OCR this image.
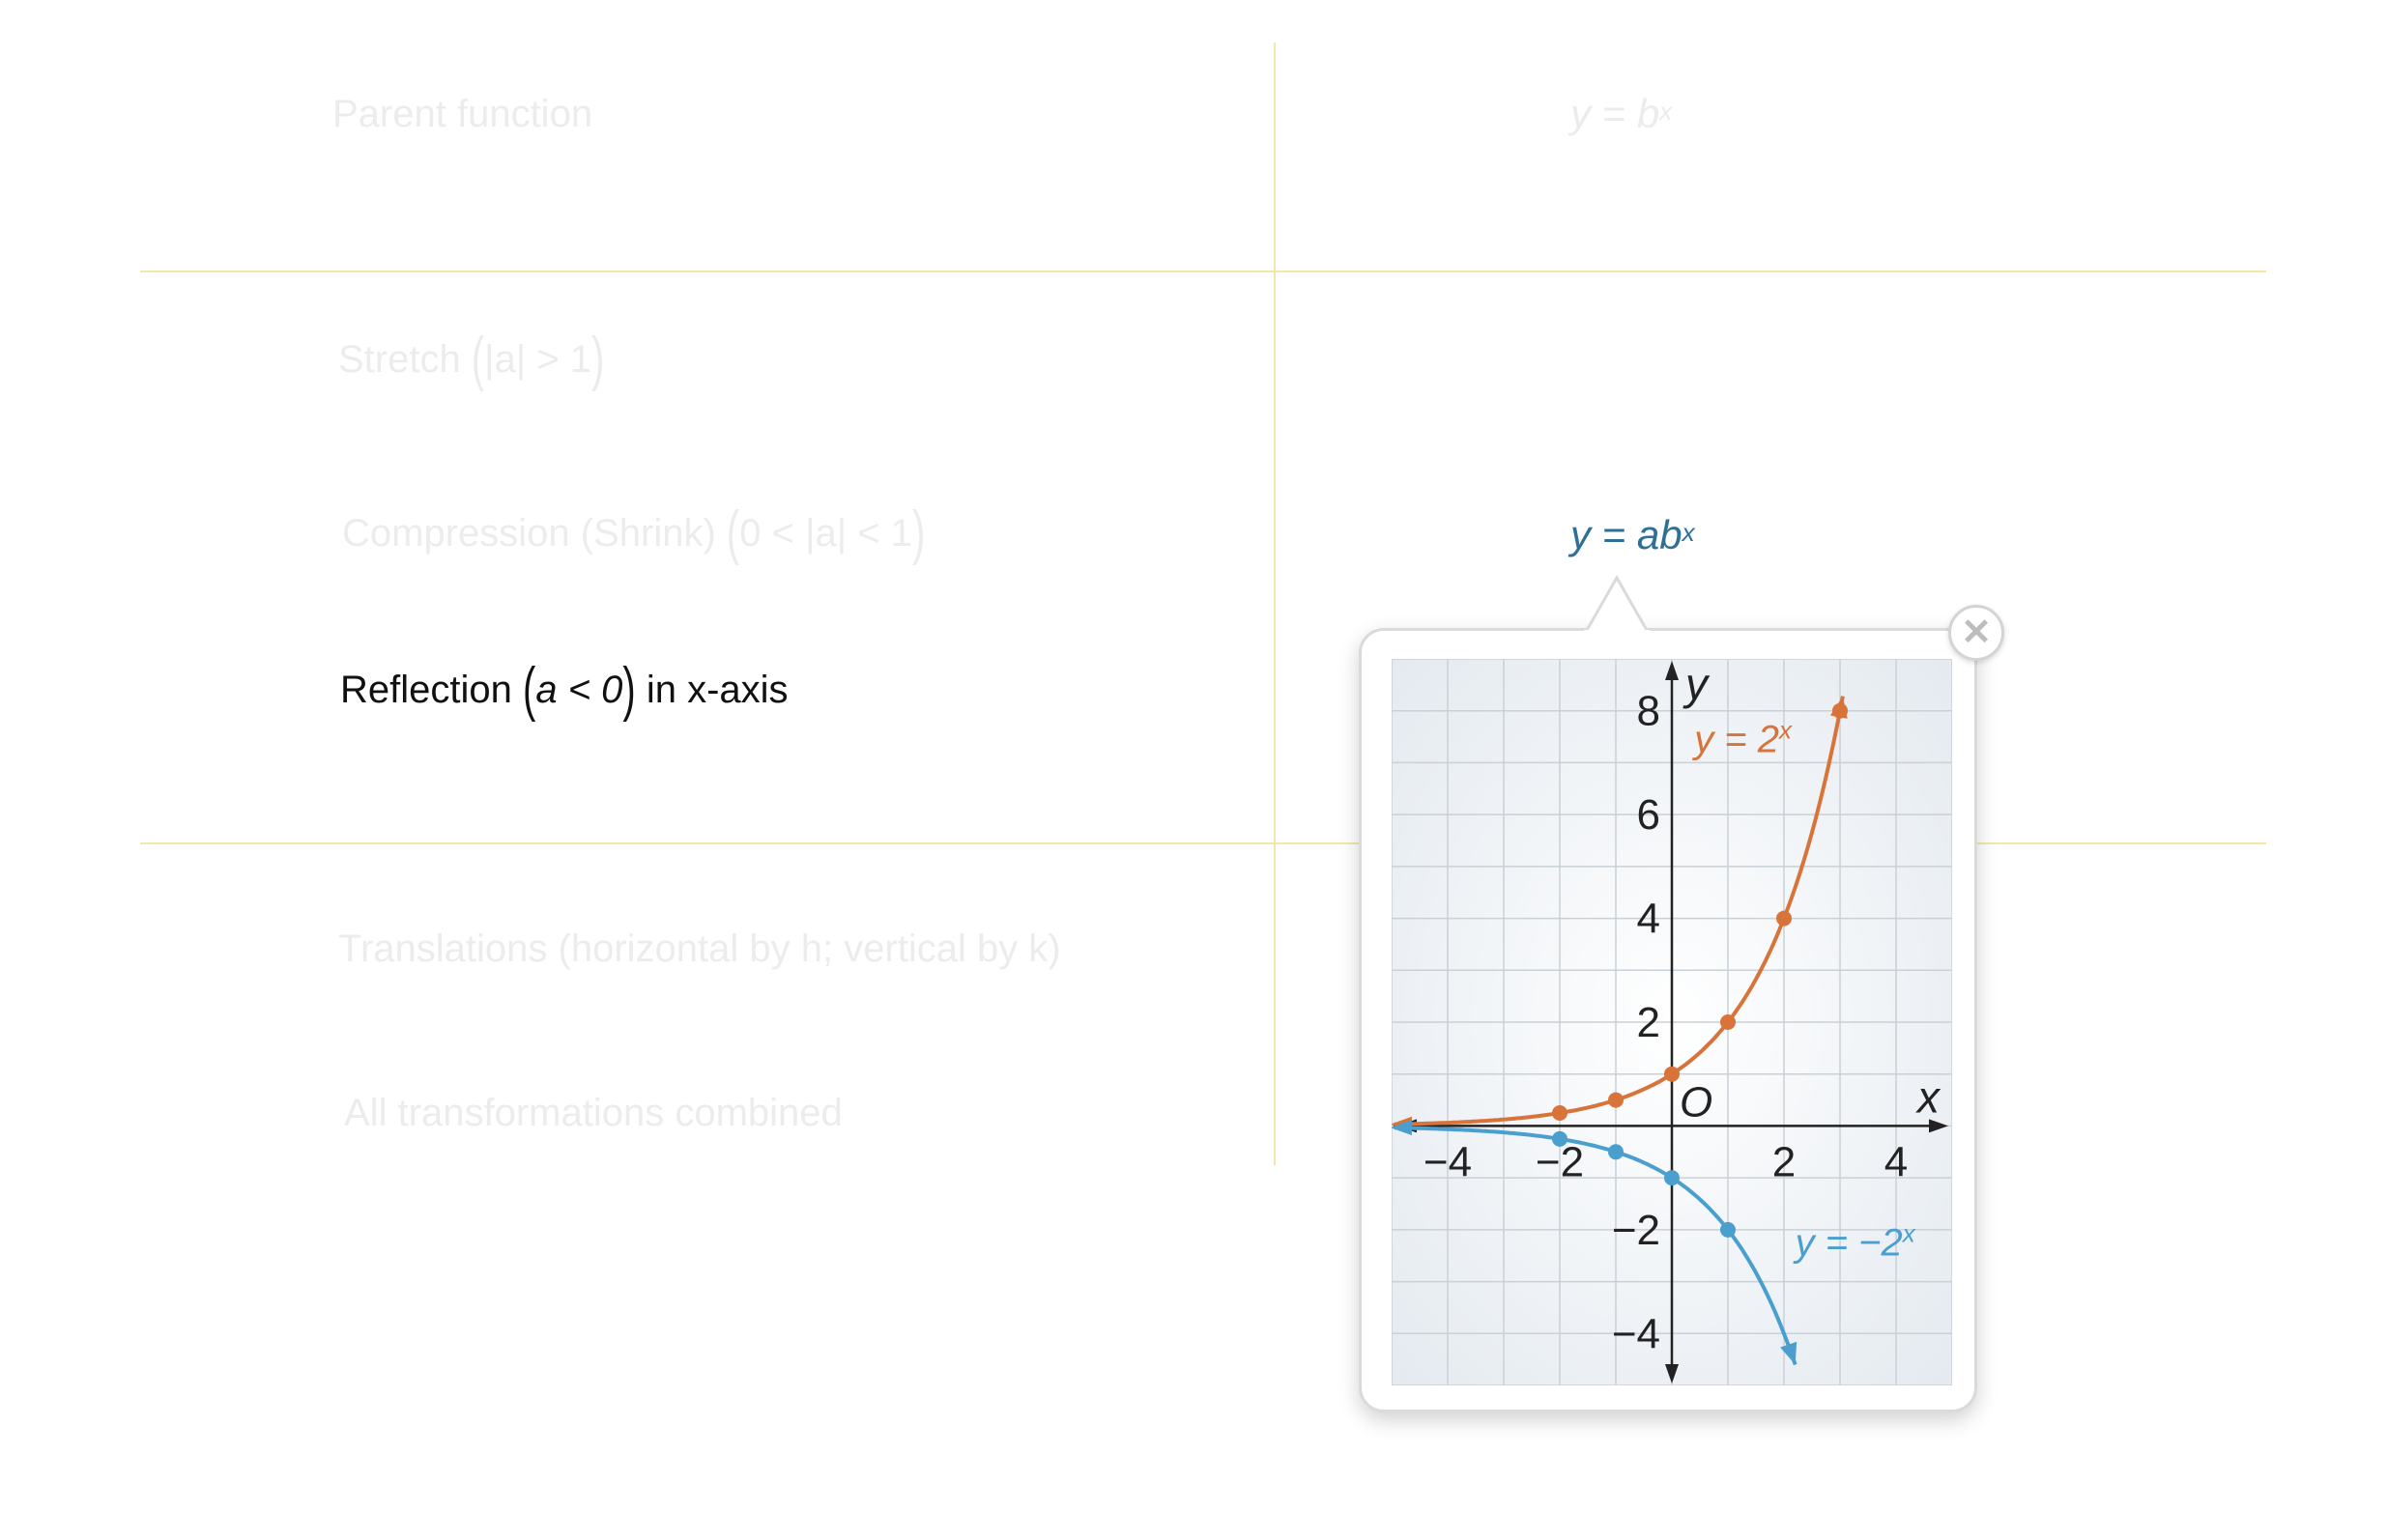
Parent function
Stretch (|a| > 1)
Compression (Shrink) (0 < |a| < 1)
Reflection (a < 0) in x-axis
Translations (horizontal by h; vertical by k)
All transformations combined
$y = b^x$
$y = ab^x$
✕
−4 −2	2 4
−4
−2
2
4
6
8
O	x
y
$y = 2^x$
$y = -2^x$
